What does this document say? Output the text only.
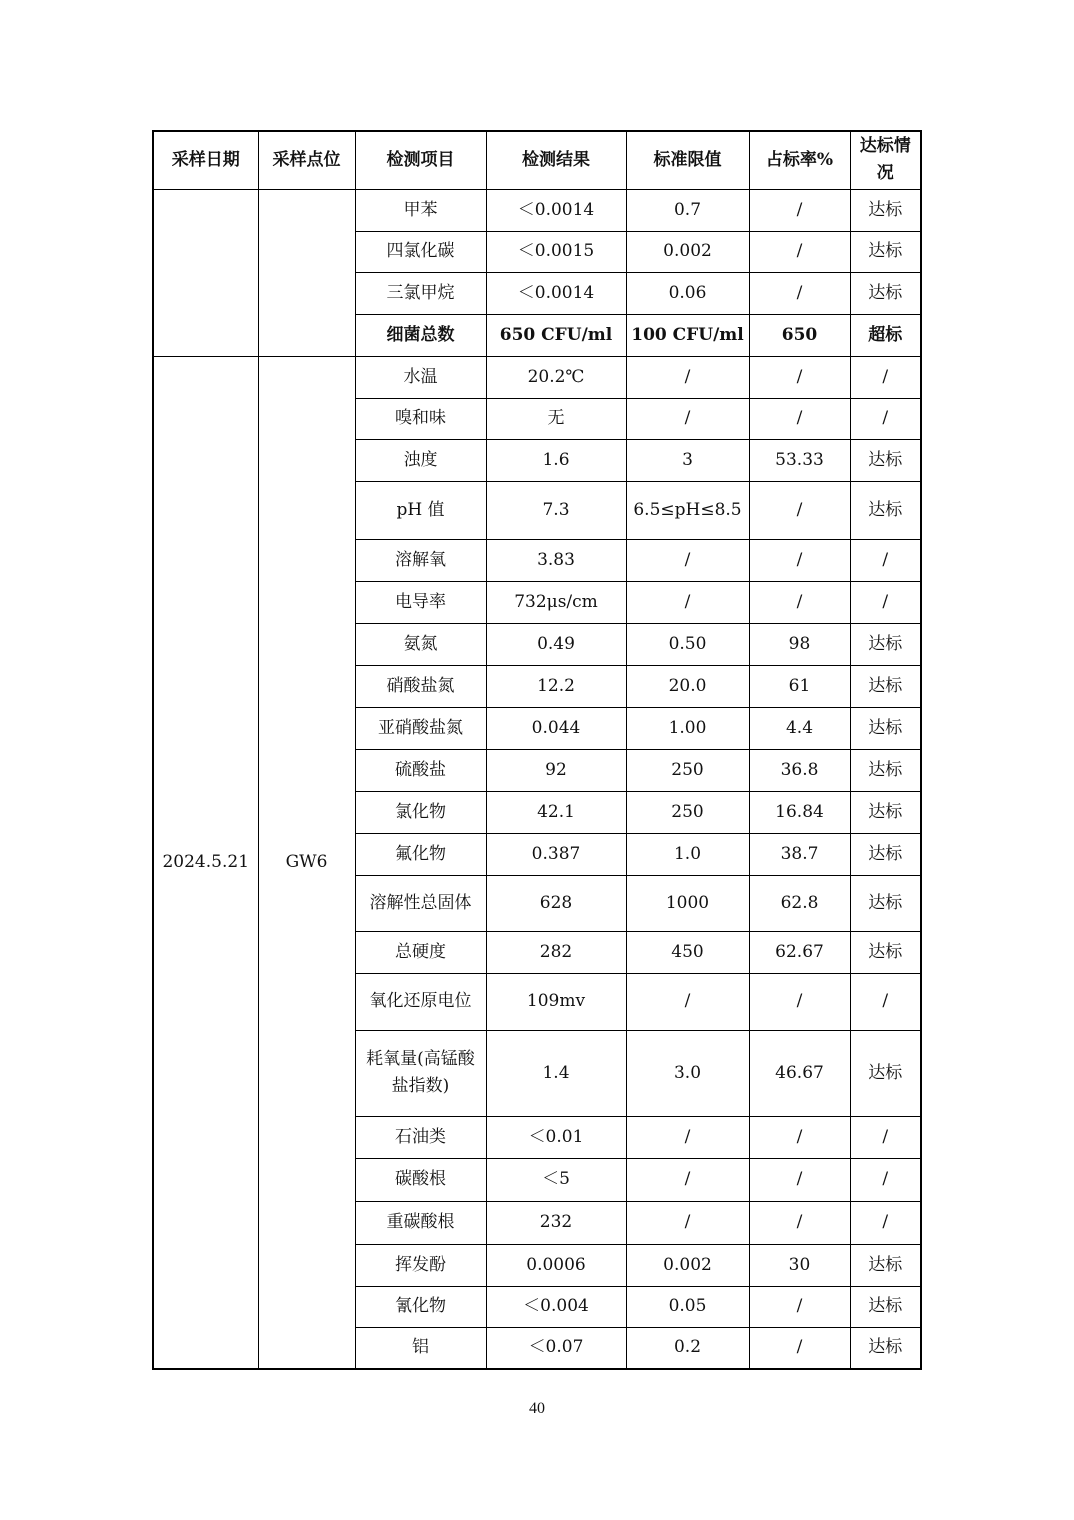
采样日期	采样点位	检测项目	检测结果	标准限值	占标率%	达标情况
		甲苯	＜0.0014	0.7	/	达标
		四氯化碳	＜0.0015	0.002	/	达标
		三氯甲烷	＜0.0014	0.06	/	达标
		细菌总数	650 CFU/ml	100 CFU/ml	650	超标
2024.5.21	GW6	水温	20.2℃	/	/	/
		嗅和味	无	/	/	/
		浊度	1.6	3	53.33	达标
		pH 值	7.3	6.5≤pH≤8.5	/	达标
		溶解氧	3.83	/	/	/
		电导率	732μs/cm	/	/	/
		氨氮	0.49	0.50	98	达标
		硝酸盐氮	12.2	20.0	61	达标
		亚硝酸盐氮	0.044	1.00	4.4	达标
		硫酸盐	92	250	36.8	达标
		氯化物	42.1	250	16.84	达标
		氟化物	0.387	1.0	38.7	达标
		溶解性总固体	628	1000	62.8	达标
		总硬度	282	450	62.67	达标
		氧化还原电位	109mv	/	/	/
		耗氧量(高锰酸盐指数)	1.4	3.0	46.67	达标
		石油类	＜0.01	/	/	/
		碳酸根	＜5	/	/	/
		重碳酸根	232	/	/	/
		挥发酚	0.0006	0.002	30	达标
		氰化物	＜0.004	0.05	/	达标
		铝	＜0.07	0.2	/	达标
40
